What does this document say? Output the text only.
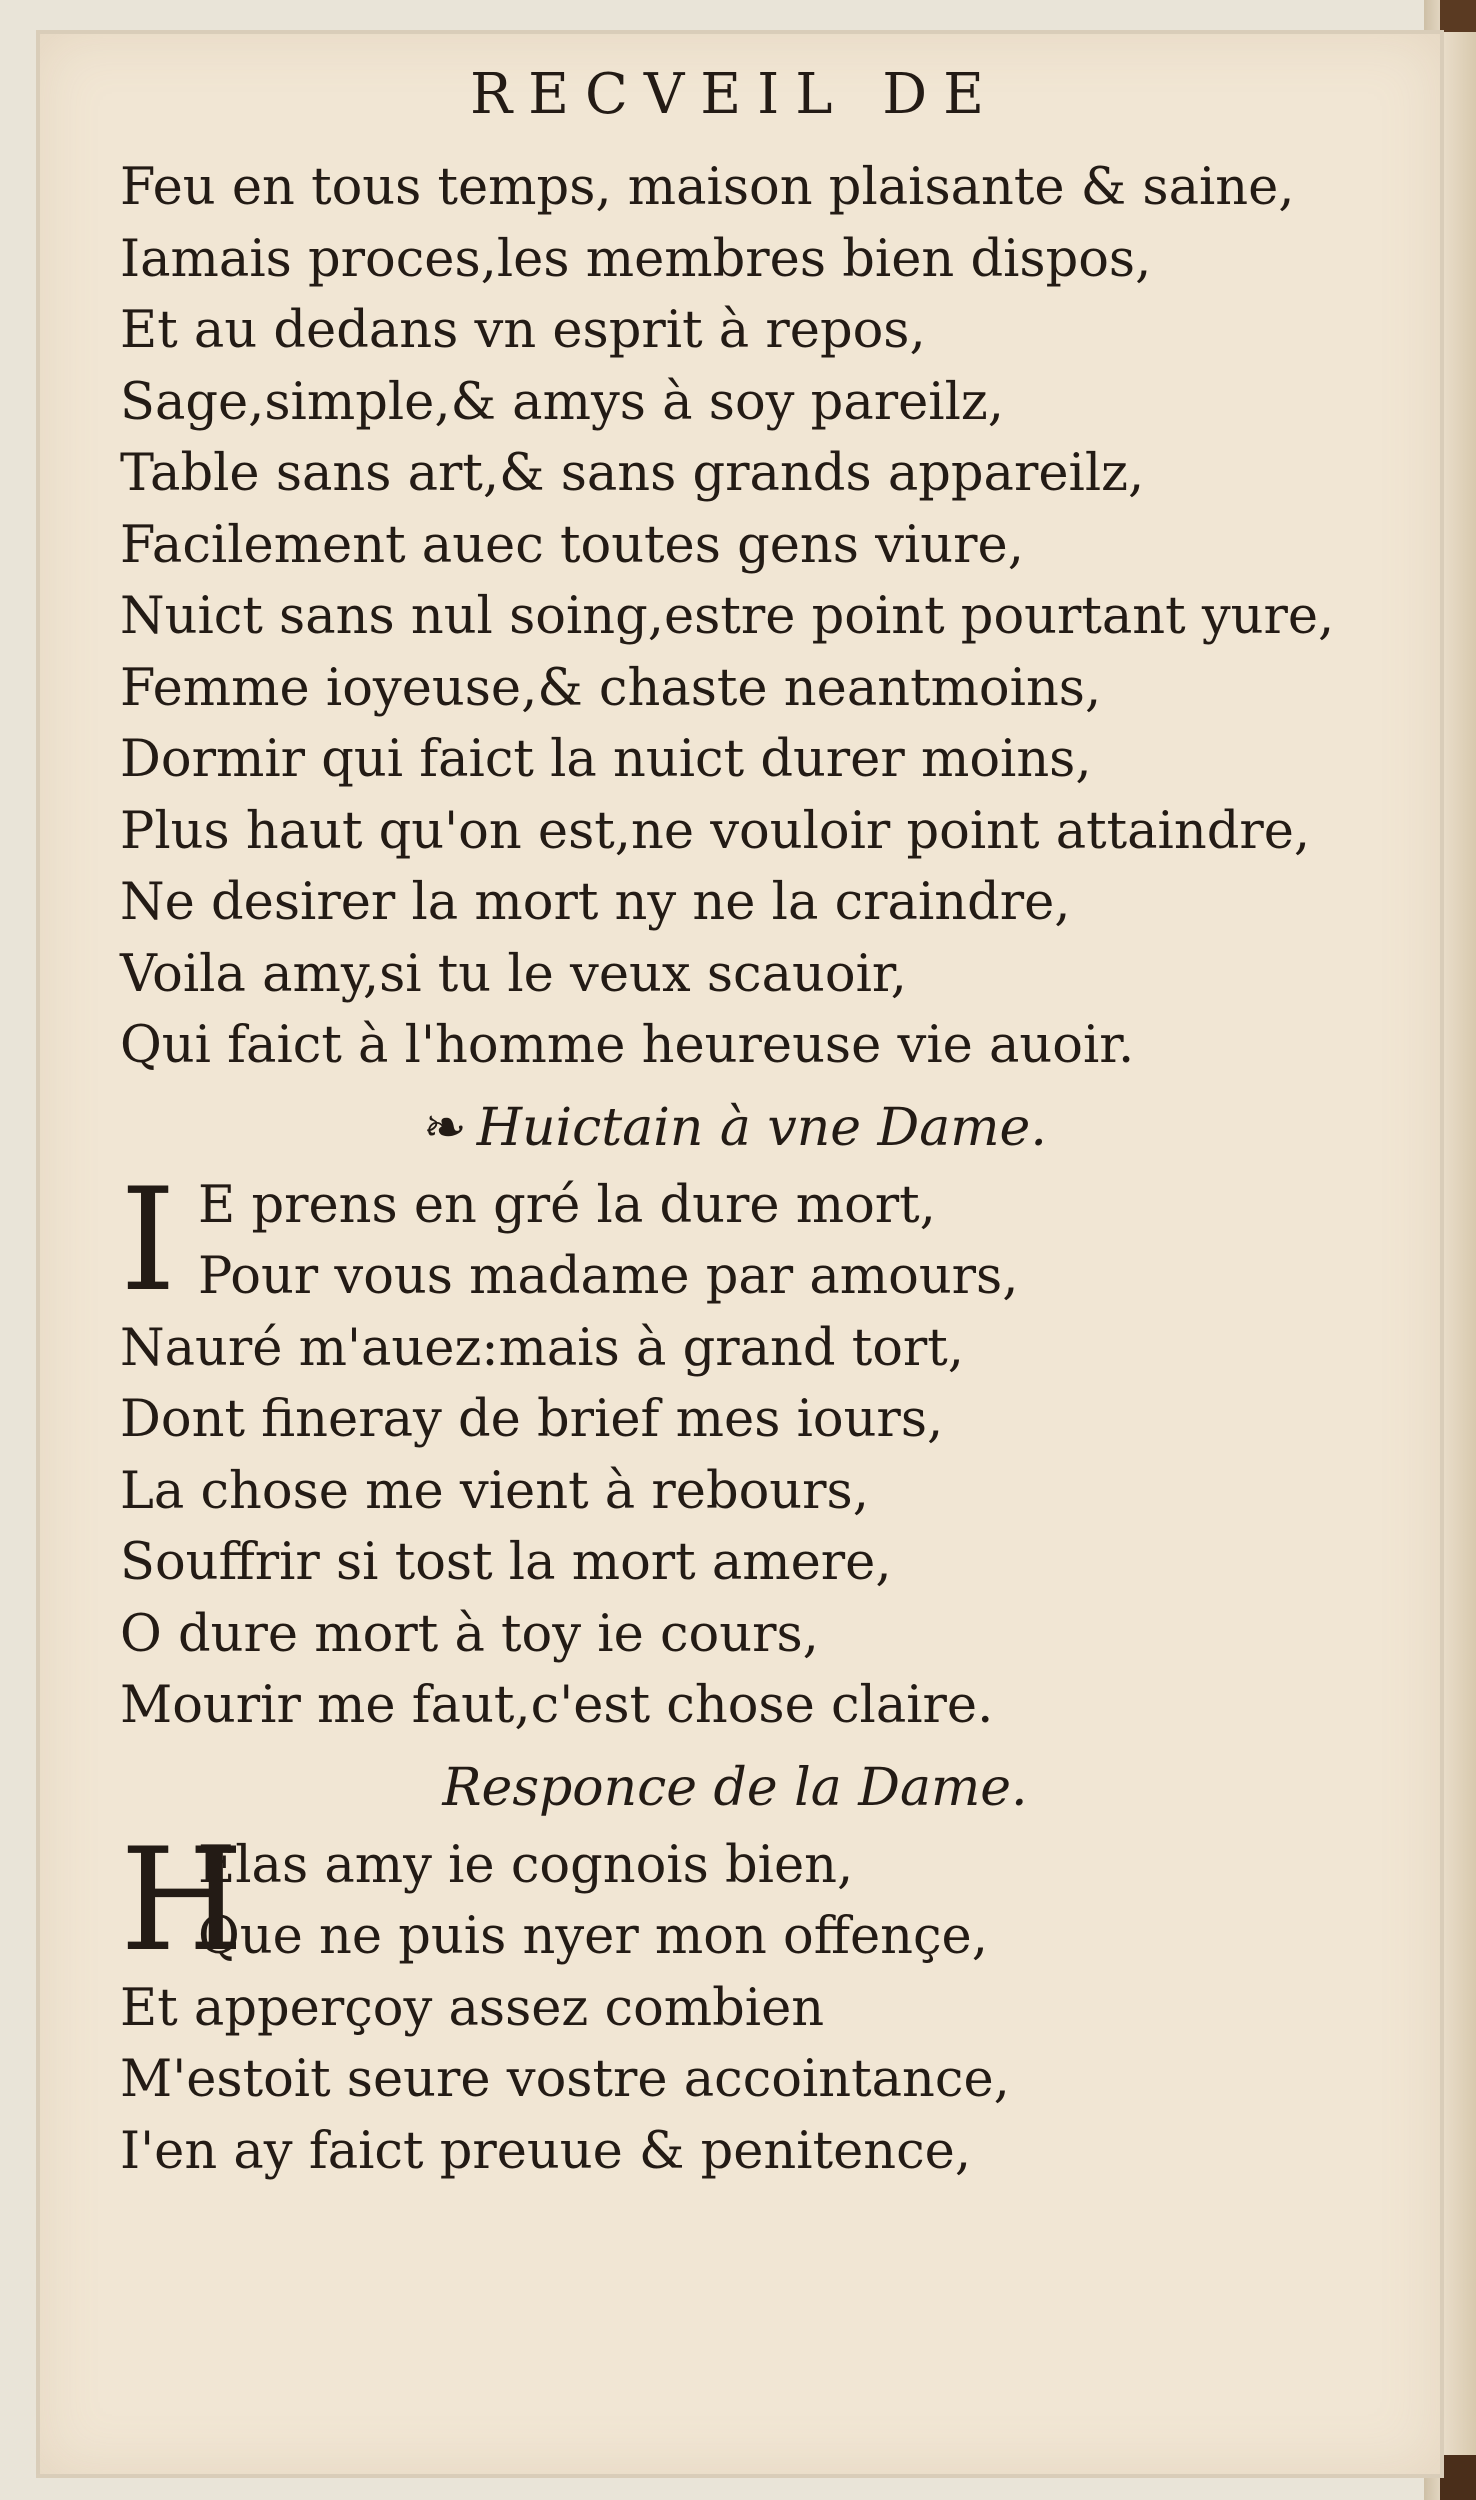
RECVEIL DE

Feu en tous temps, maison plaisante & saine,

Iamais proces,les membres bien dispos,

Et au dedans vn esprit à repos,

Sage,simple,& amys à soy pareilz,

Table sans art,& sans grands appareilz,

Facilement auec toutes gens viure,

Nuict sans nul soing,estre point pourtant yure,

Femme ioyeuse,& chaste neantmoins,

Dormir qui faict la nuict durer moins,

Plus haut qu'on est,ne vouloir point attaindre,

Ne desirer la mort ny ne la craindre,

Voila amy,si tu le veux scauoir,

Qui faict à l'homme heureuse vie auoir.

❧ Huictain à vne Dame.
I E prens en gré la dure mort,

Pour vous madame par amours,

Nauré m'auez:mais à grand tort,

Dont fineray de brief mes iours,

La chose me vient à rebours,

Souffrir si tost la mort amere,

O dure mort à toy ie cours,

Mourir me faut,c'est chose claire.

Responce de la Dame.
H

Elas amy ie cognois bien,

Que ne puis nyer mon offençe,

Et apperçoy assez combien

M'estoit seure vostre accointance,

I'en ay faict preuue & penitence,
